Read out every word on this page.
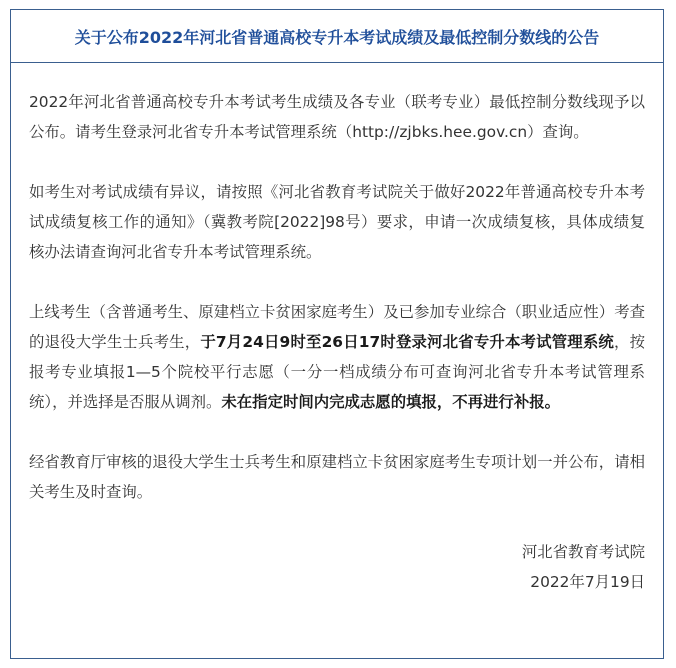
关于公布2022年河北省普通高校专升本考试成绩及最低控制分数线的公告

2022年河北省普通高校专升本考试考生成绩及各专业（联考专业）最低控制分数线现予以公布。请考生登录河北省专升本考试管理系统（http://zjbks.hee.gov.cn）查询。

如考生对考试成绩有异议，请按照《河北省教育考试院关于做好2022年普通高校专升本考试成绩复核工作的通知》（冀教考院[2022]98号）要求，申请一次成绩复核，具体成绩复核办法请查询河北省专升本考试管理系统。

上线考生（含普通考生、原建档立卡贫困家庭考生）及已参加专业综合（职业适应性）考查的退役大学生士兵考生，于7月24日9时至26日17时登录河北省专升本考试管理系统，按报考专业填报1—5个院校平行志愿（一分一档成绩分布可查询河北省专升本考试管理系统），并选择是否服从调剂。未在指定时间内完成志愿的填报，不再进行补报。

经省教育厅审核的退役大学生士兵考生和原建档立卡贫困家庭考生专项计划一并公布，请相关考生及时查询。

河北省教育考试院

2022年7月19日
